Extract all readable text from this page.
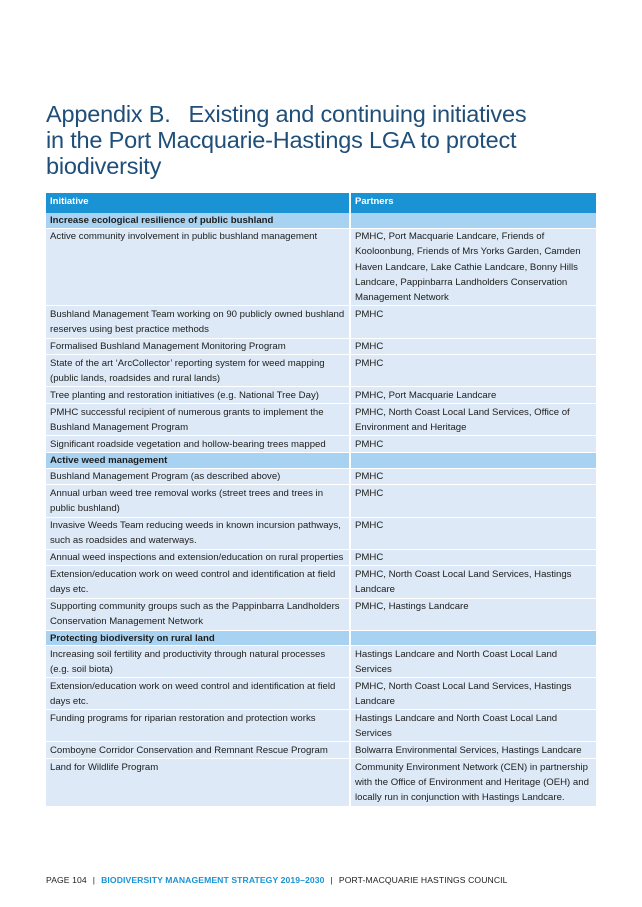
Appendix B. Existing and continuing initiatives
in the Port Macquarie-Hastings LGA to protect
biodiversity
Initiative	Partners
Increase ecological resilience of public bushland	
Active community involvement in public bushland management	PMHC, Port Macquarie Landcare, Friends of Kooloonbung, Friends of Mrs Yorks Garden, Camden Haven Landcare, Lake Cathie Landcare, Bonny Hills Landcare, Pappinbarra Landholders Conservation Management Network
Bushland Management Team working on 90 publicly owned bushland reserves using best practice methods	PMHC
Formalised Bushland Management Monitoring Program	PMHC
State of the art ‘ArcCollector’ reporting system for weed mapping (public lands, roadsides and rural lands)	PMHC
Tree planting and restoration initiatives (e.g. National Tree Day)	PMHC, Port Macquarie Landcare
PMHC successful recipient of numerous grants to implement the Bushland Management Program	PMHC, North Coast Local Land Services, Office of Environment and Heritage
Significant roadside vegetation and hollow-bearing trees mapped	PMHC
Active weed management	
Bushland Management Program (as described above)	PMHC
Annual urban weed tree removal works (street trees and trees in public bushland)	PMHC
Invasive Weeds Team reducing weeds in known incursion pathways, such as roadsides and waterways.	PMHC
Annual weed inspections and extension/education on rural properties	PMHC
Extension/education work on weed control and identification at field days etc.	PMHC, North Coast Local Land Services, Hastings Landcare
Supporting community groups such as the Pappinbarra Landholders Conservation Management Network	PMHC, Hastings Landcare
Protecting biodiversity on rural land	
Increasing soil fertility and productivity through natural processes (e.g. soil biota)	Hastings Landcare and North Coast Local Land Services
Extension/education work on weed control and identification at field days etc.	PMHC, North Coast Local Land Services, Hastings Landcare
Funding programs for riparian restoration and protection works	Hastings Landcare and North Coast Local Land Services
Comboyne Corridor Conservation and Remnant Rescue Program	Bolwarra Environmental Services, Hastings Landcare
Land for Wildlife Program	Community Environment Network (CEN) in partnership with the Office of Environment and Heritage (OEH) and locally run in conjunction with Hastings Landcare.
PAGE 104 | BIODIVERSITY MANAGEMENT STRATEGY 2019–2030 | PORT-MACQUARIE HASTINGS COUNCIL
